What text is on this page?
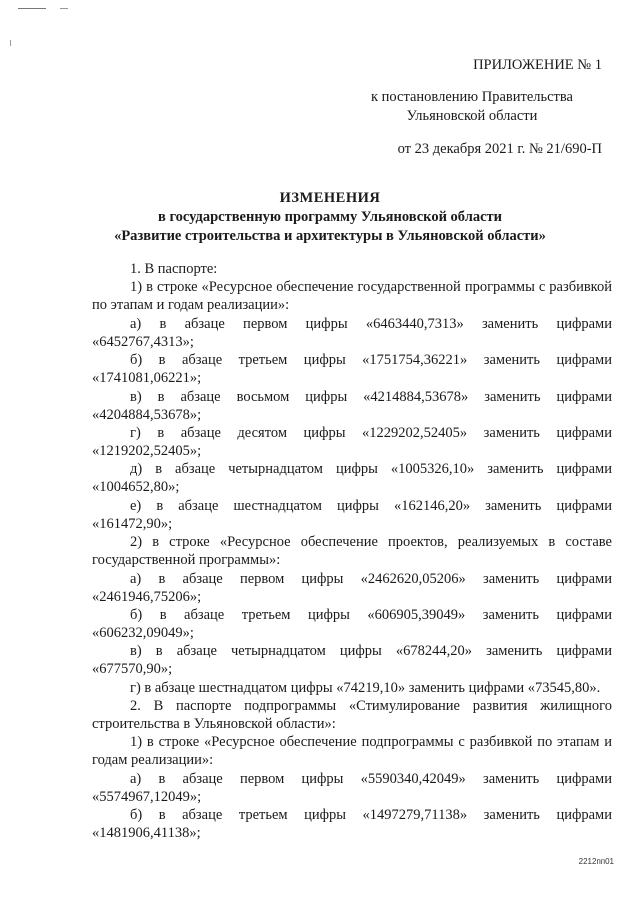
ПРИЛОЖЕНИЕ № 1
к постановлению Правительства
Ульяновской области
от 23 декабря 2021 г. № 21/690-П
ИЗМЕНЕНИЯ
в государственную программу Ульяновской области
«Развитие строительства и архитектуры в Ульяновской области»

1. В паспорте:

1) в строке «Ресурсное обеспечение государственной программы с разбивкой по этапам и годам реализации»:

а) в абзаце первом цифры «6463440,7313» заменить цифрами «6452767,4313»;

б) в абзаце третьем цифры «1751754,36221» заменить цифрами «1741081,06221»;

в) в абзаце восьмом цифры «4214884,53678» заменить цифрами «4204884,53678»;

г) в абзаце десятом цифры «1229202,52405» заменить цифрами «1219202,52405»;

д) в абзаце четырнадцатом цифры «1005326,10» заменить цифрами «1004652,80»;

е) в абзаце шестнадцатом цифры «162146,20» заменить цифрами «161472,90»;

2) в строке «Ресурсное обеспечение проектов, реализуемых в составе государственной программы»:

а) в абзаце первом цифры «2462620,05206» заменить цифрами «2461946,75206»;

б) в абзаце третьем цифры «606905,39049» заменить цифрами «606232,09049»;

в) в абзаце четырнадцатом цифры «678244,20» заменить цифрами «677570,90»;

г) в абзаце шестнадцатом цифры «74219,10» заменить цифрами «73545,80».

2. В паспорте подпрограммы «Стимулирование развития жилищного строительства в Ульяновской области»:

1) в строке «Ресурсное обеспечение подпрограммы с разбивкой по этапам и годам реализации»:

а) в абзаце первом цифры «5590340,42049» заменить цифрами «5574967,12049»;

б) в абзаце третьем цифры «1497279,71138» заменить цифрами «1481906,41138»;

2212пп01
